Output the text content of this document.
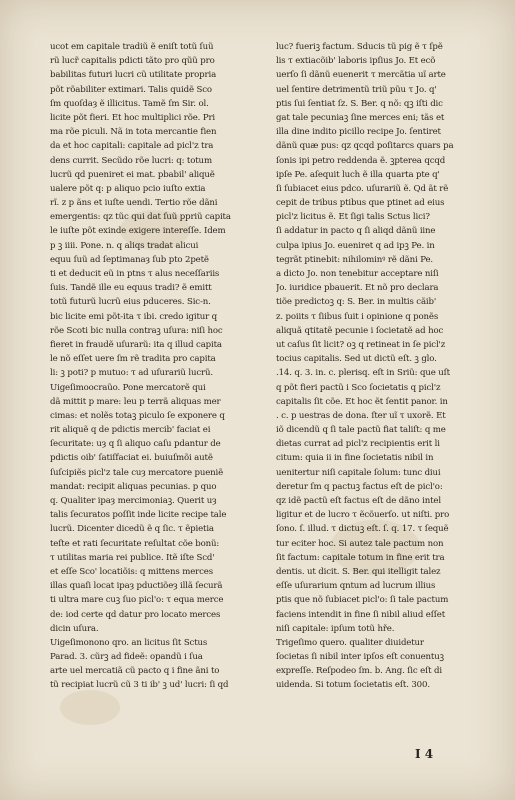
ucot em capitale tradiũ ẽ eniſt totũ ſuũ
rũ lucr̃ capitalis pdicti tãto pro qũũ pro
babilitas futuri lucri cũ utilitate propria
põt rõabiliter extimari. Talis quidẽ Sco
ſm quoſdaȝ ẽ illicitus. Tamẽ ſm Sir. ol.
licite põt fieri. Et hoc multiplici rõe. Pri
ma rõe piculi. Nã in tota mercantie fien
da et hoc capitali: capitale ad picl'z tra
dens currit. Secũdo rõe lucri: q: totum
lucrũ qd pueniret ei mat. pbabil' aliquẽ
ualere põt q: p aliquo pcio iuſto extia
rĩ. z p ãns et iuſte uendi. Tertio rõe dãni
emergentis: qz tũc qui dat ſuũ ppriũ capita
le iuſte põt exinde exigere intereſſe. Idem
p ꝫ iiii. Pone. n. q aliqs tradat alicui
equu ſuũ ad ſeptimanaȝ ſub pto 2petẽ
ti et deducit eũ in ptns τ alus neceſſariis
ſuis. Tandẽ ille eu equus tradi? ẽ emitt
totũ futurũ lucrũ eius pduceres. Sic-n.
bic licite emi põt-ita τ ibi. credo igitur q
rõe Scoti bic nulla contraꝫ uſura: niſi hoc
fieret in fraudẽ uſurarũ: ita q illud capita
le nõ eſſet uere ſm rẽ tradita pro capita
li: ꝫ poti? p mutuo: τ ad uſurariũ lucrũ.
Uigeſimoocraũo. Pone mercatorẽ qui
dã mittit p mare: leu p terrã aliquas mer
cimas: et nolẽs totaꝫ piculo ſe exponere q
rit aliquẽ q de pdictis mercib' faciat ei
ſecuritate: uȝ q ſi aliquo caſu pdantur de
pdictis oib' ſatiſfaciat ei. buiuſmõi autẽ
ſuſcipiẽs picl'z tale cuȝ mercatore pueniẽ
mandat: recipit aliquas pecunias. p quo
q. Qualiter ipaȝ mercimoniaꝫ. Querit uȝ
talis ſecuratos poſſit inde licite recipe tale
lucrũ. Dicenter dicedũ ẽ q ſic. τ ẽpietia
teſte et rati ſecuritate reſultat cõe bonũ:
τ utilitas maria rei publice. Itẽ iſte Scd'
et eſſe Sco' locatiõis: q mittens merces
illas quaſi locat ipaȝ pductiõeȝ illã ſecurã
ti ultra mare cuꝫ ſuo picl'o: τ equa merce
de: iod certe qd datur pro locato merces
dicin uſura.
Uigeſimonono qro. an licitus ſit Sctus
Parad. 3. cũrꝫ ad fideẽ: opandũ i ſua
arte uel mercatiã cũ pacto q i fine ãni to
tũ recipiat lucrũ cũ 3 ti ib' ꝫ ud' lucri: ſi qd
luc? fueriꝫ factum. Sducis tũ pig ẽ τ ſpẽ
lis τ extiacõib' laboris ipſius Jo. Et ecõ
uerſo ſi dãnũ euenerit τ mercãtia uĩ arte
uel ſentire detrimentũ triũ pũu τ Jo. q'
ptis ſui ſentiat ſz. S. Ber. q nõ: qꝫ iſti dic
gat tale pecuniaꝫ ſine merces eni; tãs et
illa dine indito picillo recipe Jo. ſentiret
dãnũ quæ pus: qz qcqd poſitarcs quars pa
ſonis ipi petro reddenda ẽ. ꝫpterea qcqd
ipſe Pe. aſequit luch ẽ illa quarta pte q'
ſi ſubiacet eius pdco. uſurariũ ẽ. Qd ãt rẽ
cepit de tribus ptibus que ptinet ad eius
picl'z licitus ẽ. Et ſigi talis Sctus lici?
ſi addatur in pacto q ſi aliqd dãnũ iine
culpa ipius Jo. eueniret q ad ipꝫ Pe. in
tegrãt ptinebit: nihilominꝰ rẽ dãni Pe.
a dicto Jo. non tenebitur acceptare niſi
Jo. iuridice pbauerit. Et nõ pro declara
tiõe predictoꝫ q: S. Ber. in multis cãib'
z. poiits τ ſiibus ſuit i opinione q ponẽs
aliquã qtitatẽ pecunie i ſocietatẽ ad hoc
ut caſus ſit licit? oꝫ q retineat in ſe picl'z
tocius capitalis. Sed ut dictũ eſt. ꝫ glo.
.14. q. 3. in. c. plerisq. eſt in Sriũ: que uſt
q põt fieri pactũ i Sco ſocietatis q picl'z
capitalis ſit cõe. Et hoc ẽt ſentit panor. in
. c. p uestras de dona. ſter uĩ τ uxorẽ. Et
iõ dicendũ q ſi tale pactũ fiat taliſt: q me
dietas currat ad picl'z recipientis erit li
citum: quia ii in fine ſocietatis nibil in
uenitertur niſi capitale ſolum: tunc diui
deretur ſm q pactuꝫ factus eſt de picl'o:
qz idẽ pactũ eſt factus eſt de dãno intel
ligitur et de lucro τ ẽcõuerſo. ut niſti. pro
ſono. ſ. illud. τ dictuꝫ eſt. ſ. q. 17. τ ſequẽ
tur eciter hoc. Si autez tale pactum non
ſit factum: capitale totum in fine erit tra
dentis. ut dicit. S. Ber. qui itelligit talez
eſſe uſurarium qntum ad lucrum illius
ptis que nõ ſubiacet picl'o: ſi tale pactum
faciens intendit in fine ſi nibil aliud eſſet
niſi capitale: ipſum totũ hře.
Trigeſimo quero. qualiter diuidetur
ſocietas ſi nibil inter ipſos eſt conuentuꝫ
expreſſe. Reſpodeo ſm. b. Ang. ſic eſt di
uidenda. Si totum ſocietatis eſt. 300.
I 4
